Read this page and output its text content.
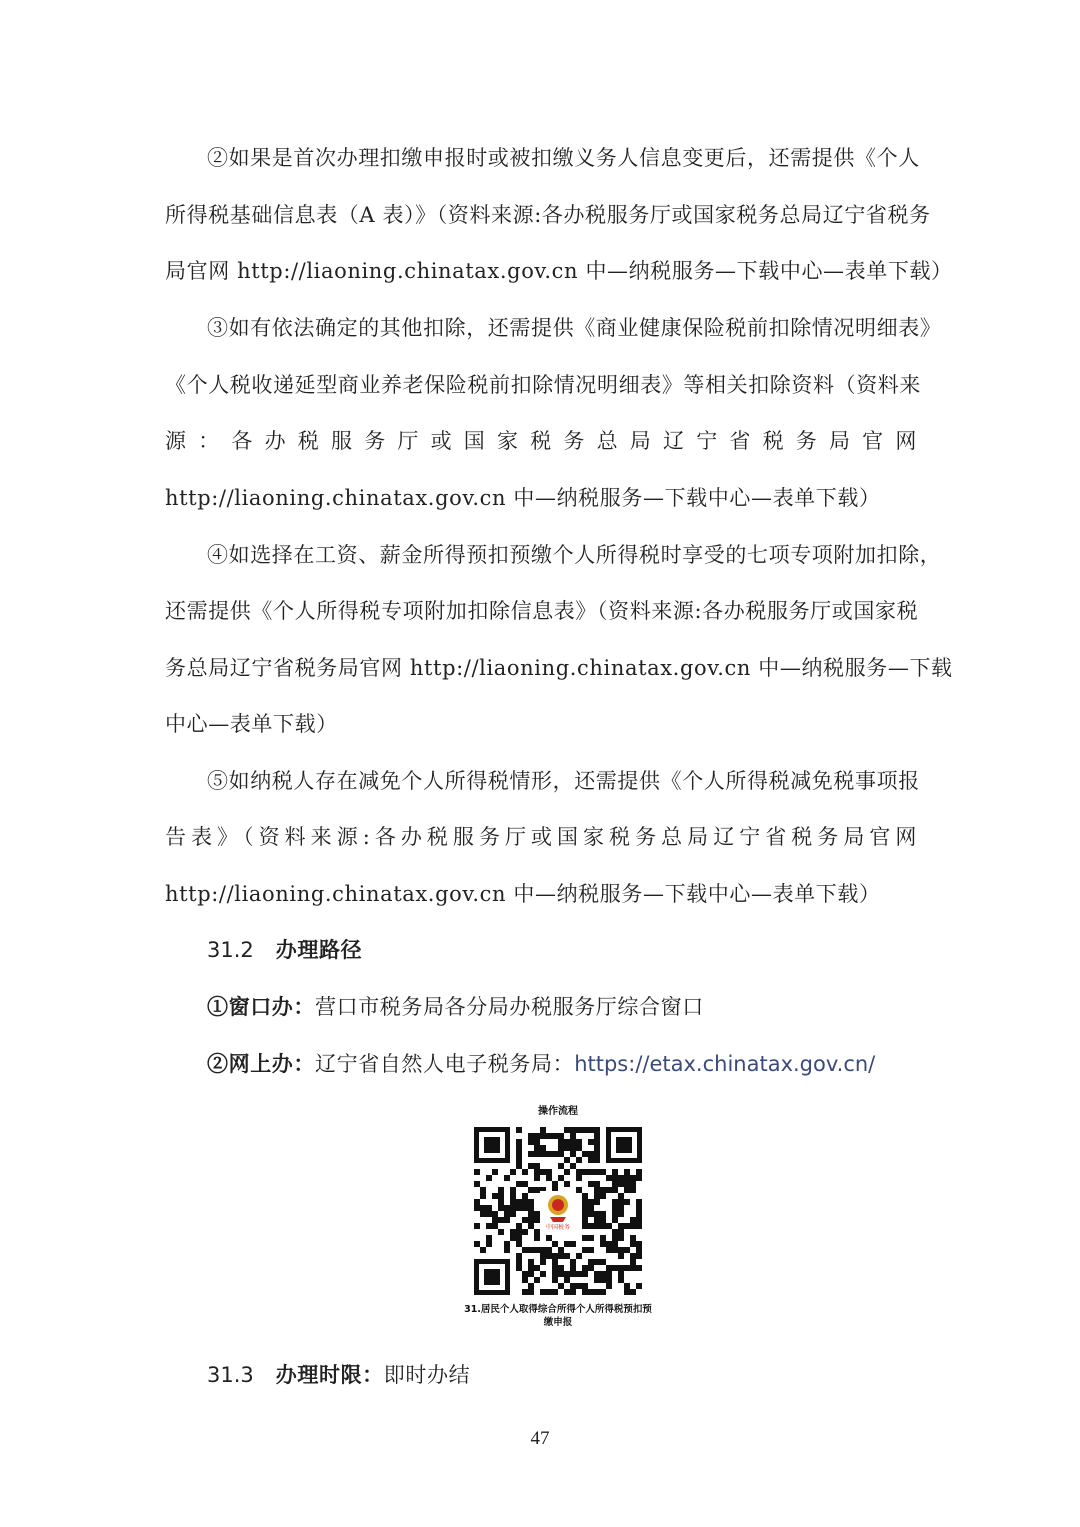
②如果是首次办理扣缴申报时或被扣缴义务人信息变更后，还需提供《个人
所得税基础信息表（A 表）》（资料来源:各办税服务厅或国家税务总局辽宁省税务
局官网 http://liaoning.chinatax.gov.cn 中—纳税服务—下载中心—表单下载）
③如有依法确定的其他扣除，还需提供《商业健康保险税前扣除情况明细表》
《个人税收递延型商业养老保险税前扣除情况明细表》等相关扣除资料（资料来
源：各办税服务厅或国家税务总局辽宁省税务局官网
http://liaoning.chinatax.gov.cn 中—纳税服务—下载中心—表单下载）
④如选择在工资、薪金所得预扣预缴个人所得税时享受的七项专项附加扣除，
还需提供《个人所得税专项附加扣除信息表》（资料来源:各办税服务厅或国家税
务总局辽宁省税务局官网 http://liaoning.chinatax.gov.cn 中—纳税服务—下载
中心—表单下载）
⑤如纳税人存在减免个人所得税情形，还需提供《个人所得税减免税事项报
告表》（资料来源:各办税服务厅或国家税务总局辽宁省税务局官网
http://liaoning.chinatax.gov.cn 中—纳税服务—下载中心—表单下载）
31.2 办理路径
①窗口办：营口市税务局各分局办税服务厅综合窗口
②网上办：辽宁省自然人电子税务局：https://etax.chinatax.gov.cn/
操作流程
中国税务
31.居民个人取得综合所得个人所得税预扣预
缴申报
31.3 办理时限：即时办结
47
